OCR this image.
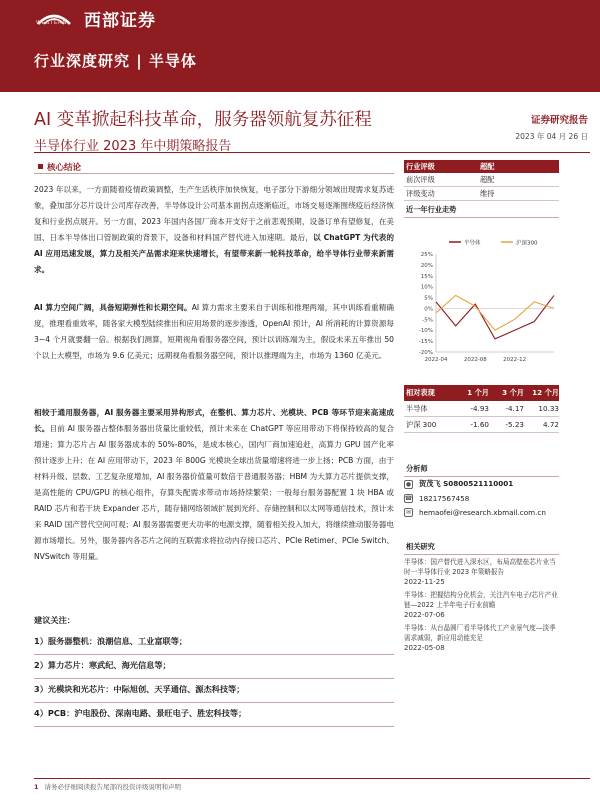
WESTERN 西部证券
行业深度研究 | 半导体
AI 变革掀起科技革命，服务器领航复苏征程
半导体行业 2023 年中期策略报告
证券研究报告
2023 年 04 月 26 日
核心结论
2023 年以来，一方面随着疫情政策调整，生产生活秩序加快恢复，电子部分下游细分领域出现需求复苏迹象，叠加部分芯片设计公司库存改善，半导体设计公司基本面拐点逐渐临近，市场交易逐渐围绕疫后经济恢复和行业拐点展开。另一方面，2023 年国内各国厂商本开支好于之前悲观预期，设备订单有望修复，在美国、日本半导体出口管制政策的背景下，设备和材料国产替代进入加速期。最后，以 ChatGPT 为代表的 AI 应用迅速发展，算力及相关产品需求迎来快速增长，有望带来新一轮科技革命，给半导体行业带来新需求。
AI 算力空间广阔，具备短期弹性和长期空间。AI 算力需求主要来自于训练和推理两端，其中训练看重精确度，推理看重效率，随各家大模型陆续推出和应用场景的逐步渗透，OpenAI 预计，AI 所消耗的计算资源每 3~4 个月就要翻一倍。根据我们测算，短期视角看服务器空间，预计以训练端为主，假设未来五年推出 50 个以上大模型，市场为 9.6 亿美元；远期视角看服务器空间，预计以推理端为主，市场为 1360 亿美元。
相较于通用服务器，AI 服务器主要采用异构形式，在整机、算力芯片、光模块、PCB 等环节迎来高速成长。目前 AI 服务器占整体服务器出货量比重较低，预计未来在 ChatGPT 等应用带动下将保持较高的复合增速；算力芯片占 AI 服务器成本的 50%-80%，是成本核心，国内厂商加速追赶，高算力 GPU 国产化率预计逐步上升；在 AI 应用带动下，2023 年 800G 光模块全球出货量增速将进一步上扬；PCB 方面，由于材料升级、层数、工艺复杂度增加，AI 服务器价值量可数倍于普通服务器；HBM 为大算力芯片提供支撑，是高性能的 CPU/GPU 的核心组件，存算失配需求带动市场持续繁荣；一般每台服务器配置 1 块 HBA 或 RAID 芯片和若干块 Expander 芯片，随存储网络领域扩展到光纤、存储控制和以太网等通信技术，预计未来 RAID 国产替代空间可观；AI 服务器需要更大功率的电源支撑，随着相关投入加大，将继续推动服务器电源市场增长。另外，服务器内各芯片之间的互联需求将拉动内存接口芯片、PCIe Retimer、PCIe Switch、NVSwitch 等用量。
建议关注：
1）服务器整机：浪潮信息、工业富联等；
2）算力芯片：寒武纪、海光信息等；
3）光模块和光芯片：中际旭创、天孚通信、源杰科技等；
4）PCB：沪电股份、深南电路、景旺电子、胜宏科技等；
行业评级	超配
前次评级	超配
评级变动	维持
近一年行业走势
半导体	沪深300
25%
20%
15%
10%
5%
0%
-5%
-10%
-15%
-20%
2022-04	2022-08	2022-12
相对表现	1 个月	3 个月	12 个月
半导体	-4.93	-4.17	10.33
沪深 300	-1.60	-5.23	4.72
分析师
● 贺茂飞 S0800521110001
☎ 18217567458
✉ hemaofei@research.xbmail.com.cn
相关研究
半导体：国产替代进入深水区，布局高壁垒芯片业当时一半导体行业 2023 年策略报告
2022-11-25
半导体：把握结构分化机会，关注汽车电子/芯片产业链—2022 上半年电子行业前瞻
2022-07-06
半导体：从台晶圆厂看半导体代工产业景气度—淡季需求减弱，新应用动能充足
2022-05-08
1 请务必仔细阅读报告尾部的投资评级说明和声明
